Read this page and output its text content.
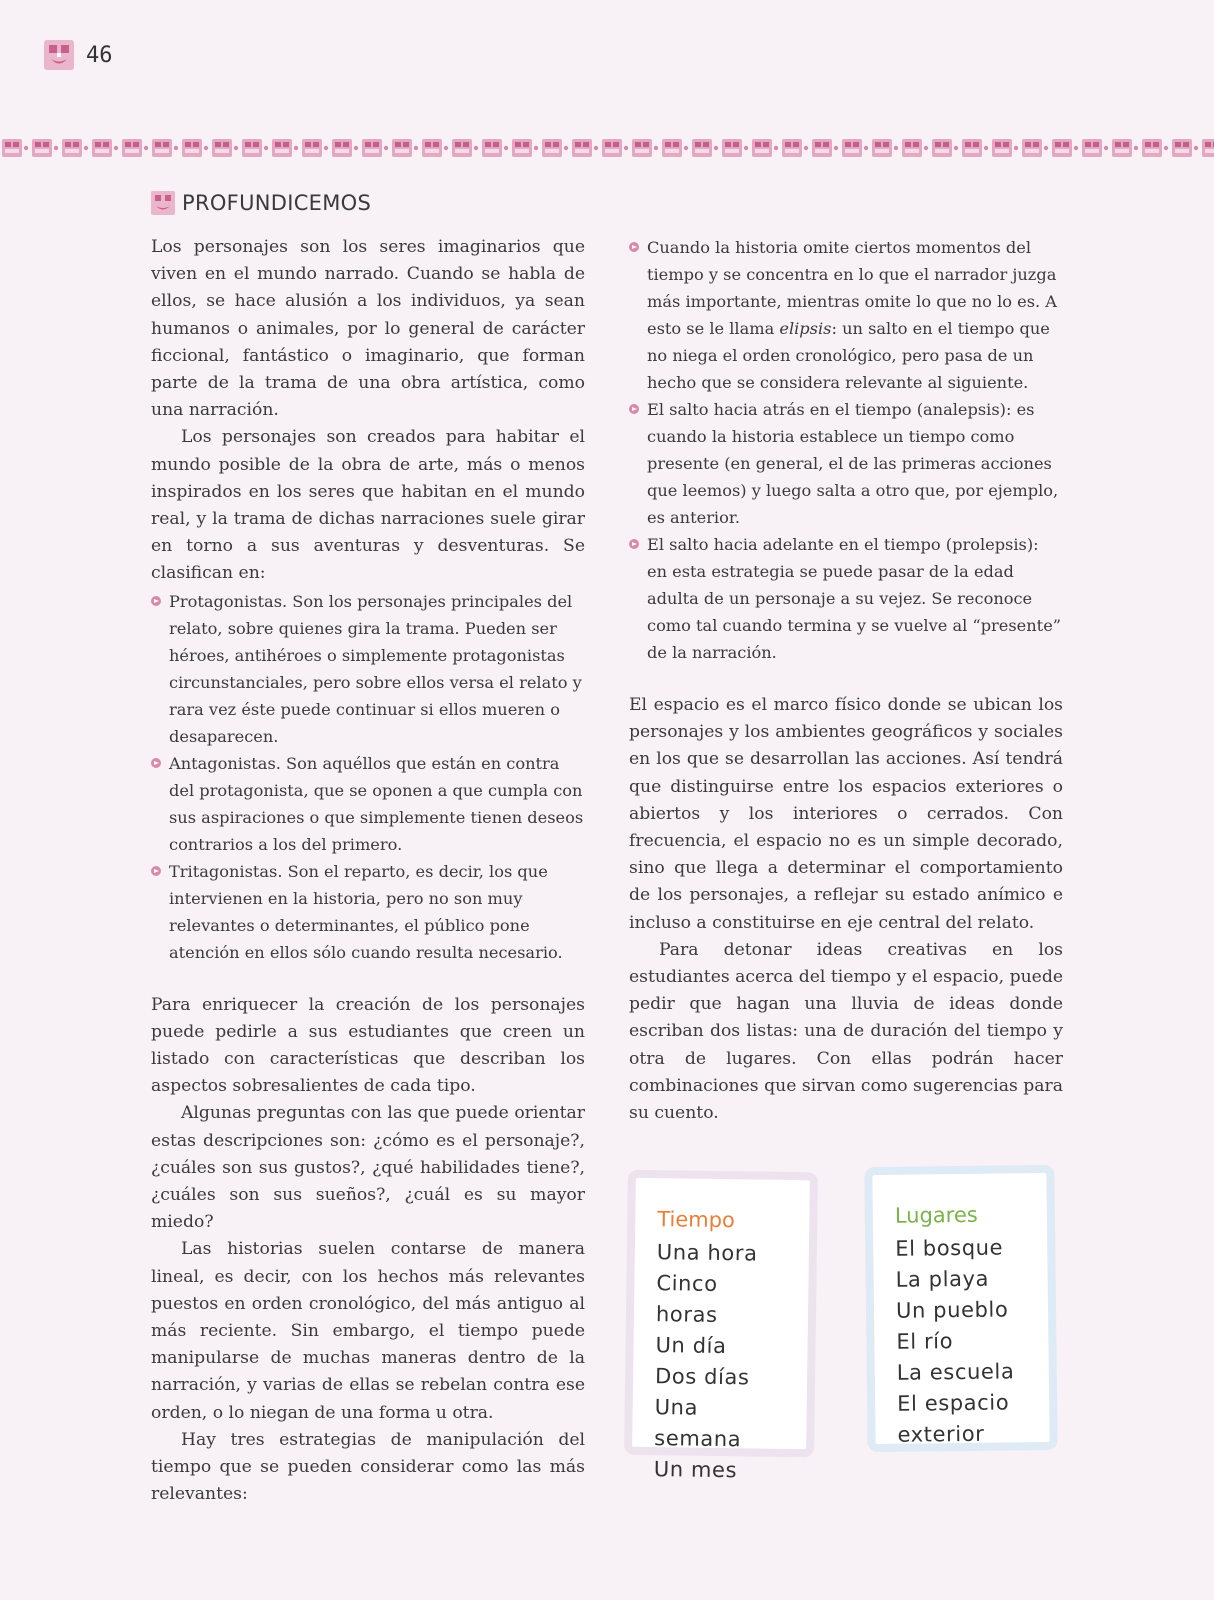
46
PROFUNDICEMOS

Los personajes son los seres imaginarios que viven en el mundo narrado. Cuando se habla de ellos, se hace alusión a los individuos, ya sean humanos o animales, por lo general de carácter ficcional, fantástico o imaginario, que forman parte de la trama de una obra artística, como una narración.

Los personajes son creados para habitar el mundo posible de la obra de arte, más o menos inspirados en los seres que habitan en el mundo real, y la trama de dichas narraciones suele girar en torno a sus aventuras y desventuras. Se clasifican en:

Protagonistas. Son los personajes principales del relato, sobre quienes gira la trama. Pueden ser héroes, antihéroes o simplemente protagonistas circunstanciales, pero sobre ellos versa el relato y rara vez éste puede continuar si ellos mueren o desaparecen.
Antagonistas. Son aquéllos que están en contra del protagonista, que se oponen a que cumpla con sus aspiraciones o que simplemente tienen deseos contrarios a los del primero.
Tritagonistas. Son el reparto, es decir, los que intervienen en la historia, pero no son muy relevantes o determinantes, el público pone atención en ellos sólo cuando resulta necesario.

Para enriquecer la creación de los personajes puede pedirle a sus estudiantes que creen un listado con características que describan los aspectos sobresalientes de cada tipo.

Algunas preguntas con las que puede orientar estas descripciones son: ¿cómo es el personaje?, ¿cuáles son sus gustos?, ¿qué habilidades tiene?, ¿cuáles son sus sueños?, ¿cuál es su mayor miedo?

Las historias suelen contarse de manera lineal, es decir, con los hechos más relevantes puestos en orden cronológico, del más antiguo al más reciente. Sin embargo, el tiempo puede manipularse de muchas maneras dentro de la narración, y varias de ellas se rebelan contra ese orden, o lo niegan de una forma u otra.

Hay tres estrategias de manipulación del tiempo que se pueden considerar como las más relevantes:

Cuando la historia omite ciertos momentos del tiempo y se concentra en lo que el narrador juzga más importante, mientras omite lo que no lo es. A esto se le llama elipsis: un salto en el tiempo que no niega el orden cronológico, pero pasa de un hecho que se considera relevante al siguiente.
El salto hacia atrás en el tiempo (analepsis): es cuando la historia establece un tiempo como presente (en general, el de las primeras acciones que leemos) y luego salta a otro que, por ejemplo, es anterior.
El salto hacia adelante en el tiempo (prolepsis): en esta estrategia se puede pasar de la edad adulta de un personaje a su vejez. Se reconoce como tal cuando termina y se vuelve al “presente” de la narración.

El espacio es el marco físico donde se ubican los personajes y los ambientes geográficos y sociales en los que se desarrollan las acciones. Así tendrá que distinguirse entre los espacios exteriores o abiertos y los interiores o cerrados. Con frecuencia, el espacio no es un simple decorado, sino que llega a determinar el comportamiento de los personajes, a reflejar su estado anímico e incluso a constituirse en eje central del relato.

Para detonar ideas creativas en los estudiantes acerca del tiempo y el espacio, puede pedir que hagan una lluvia de ideas donde escriban dos listas: una de duración del tiempo y otra de lugares. Con ellas podrán hacer combinaciones que sirvan como sugerencias para su cuento.

Tiempo
Una hora
Cinco horas
Un día
Dos días
Una semana
Un mes
Lugares
El bosque
La playa
Un pueblo
El río
La escuela
El espacio exterior
